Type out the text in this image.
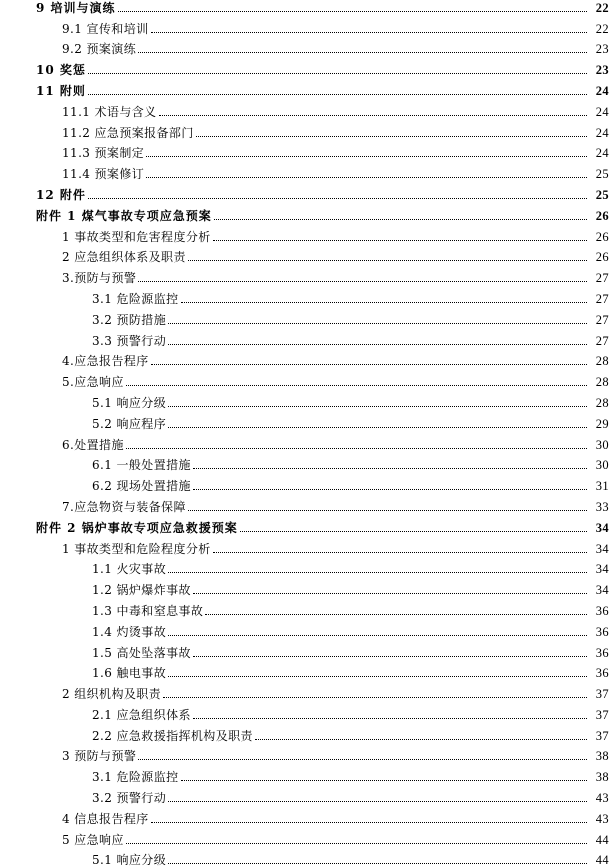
9 培训与演练	22
9.1 宣传和培训	22
9.2 预案演练	23
10 奖惩	23
11 附则	24
11.1 术语与含义	24
11.2 应急预案报备部门	24
11.3 预案制定	24
11.4 预案修订	25
12 附件	25
附件 1 煤气事故专项应急预案	26
1 事故类型和危害程度分析	26
2 应急组织体系及职责	26
3.预防与预警	27
3.1 危险源监控	27
3.2 预防措施	27
3.3 预警行动	27
4.应急报告程序	28
5.应急响应	28
5.1 响应分级	28
5.2 响应程序	29
6.处置措施	30
6.1 一般处置措施	30
6.2 现场处置措施	31
7.应急物资与装备保障	33
附件 2 锅炉事故专项应急救援预案	34
1 事故类型和危险程度分析	34
1.1 火灾事故	34
1.2 锅炉爆炸事故	34
1.3 中毒和窒息事故	36
1.4 灼烫事故	36
1.5 高处坠落事故	36
1.6 触电事故	36
2 组织机构及职责	37
2.1 应急组织体系	37
2.2 应急救援指挥机构及职责	37
3 预防与预警	38
3.1 危险源监控	38
3.2 预警行动	43
4 信息报告程序	43
5 应急响应	44
5.1 响应分级	44
